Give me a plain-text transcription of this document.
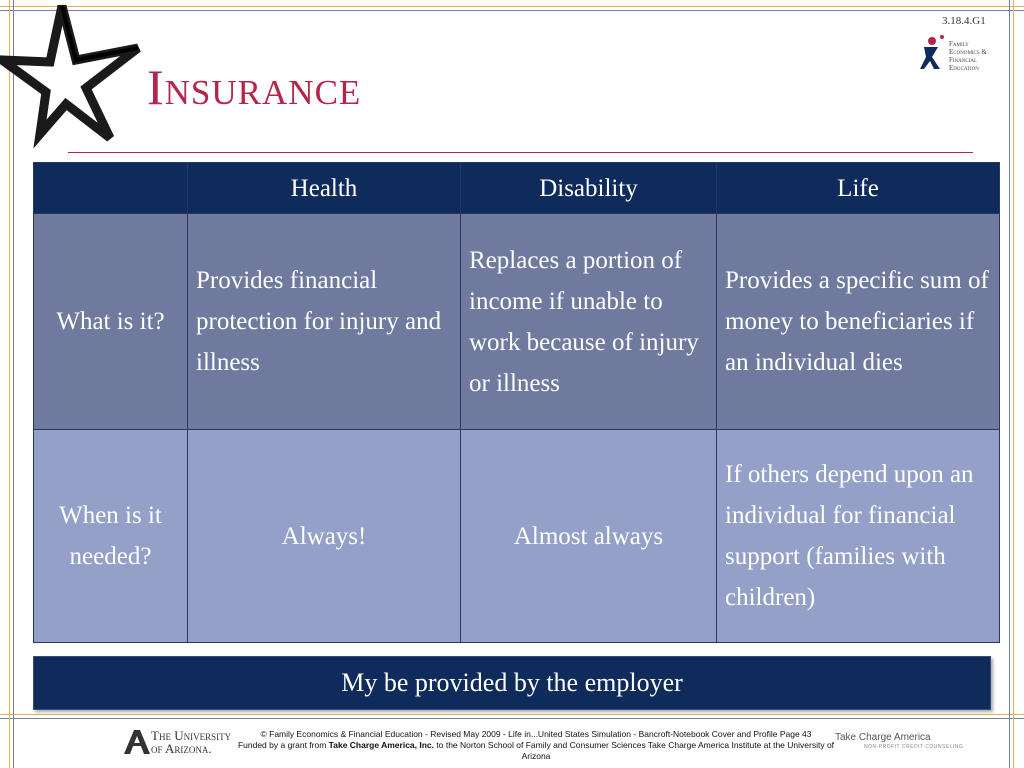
Insurance
3.18.4.G1
Family
Economics &
Financial
Education
	Health	Disability	Life
What is it?	Provides financial protection for injury and illness	Replaces a portion of income if unable to work because of injury or illness	Provides a specific sum of money to beneficiaries if an individual dies
When is it needed?	Always!	Almost always	If others depend upon an individual for financial support (families with children)
My be provided by the employer
The University
of Arizona.
© Family Economics & Financial Education - Revised May 2009 - Life in...United States Simulation - Bancroft-Notebook Cover and Profile Page 43
Funded by a grant from Take Charge America, Inc. to the Norton School of Family and Consumer Sciences Take Charge America Institute at the University of Arizona
Take Charge America
NON-PROFIT CREDIT COUNSELING
